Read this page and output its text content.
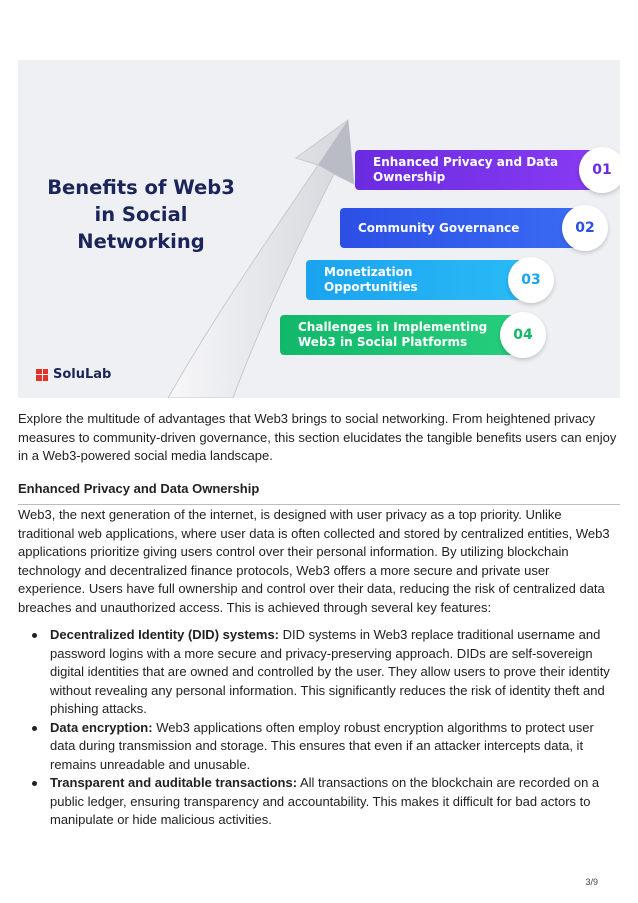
Benefits of Web3 in Social Networking
Enhanced Privacy and Data Ownership	01
Community Governance	02
Monetization Opportunities	03
Challenges in Implementing Web3 in Social Platforms	04
SoluLab

Explore the multitude of advantages that Web3 brings to social networking. From heightened privacy measures to community-driven governance, this section elucidates the tangible benefits users can enjoy in a Web3-powered social media landscape.

Enhanced Privacy and Data Ownership

Web3, the next generation of the internet, is designed with user privacy as a top priority. Unlike traditional web applications, where user data is often collected and stored by centralized entities, Web3 applications prioritize giving users control over their personal information. By utilizing blockchain technology and decentralized finance protocols, Web3 offers a more secure and private user experience. Users have full ownership and control over their data, reducing the risk of centralized data breaches and unauthorized access. This is achieved through several key features:

Decentralized Identity (DID) systems: DID systems in Web3 replace traditional username and password logins with a more secure and privacy-preserving approach. DIDs are self-sovereign digital identities that are owned and controlled by the user. They allow users to prove their identity without revealing any personal information. This significantly reduces the risk of identity theft and phishing attacks.
Data encryption: Web3 applications often employ robust encryption algorithms to protect user data during transmission and storage. This ensures that even if an attacker intercepts data, it remains unreadable and unusable.
Transparent and auditable transactions: All transactions on the blockchain are recorded on a public ledger, ensuring transparency and accountability. This makes it difficult for bad actors to manipulate or hide malicious activities.
3/9
